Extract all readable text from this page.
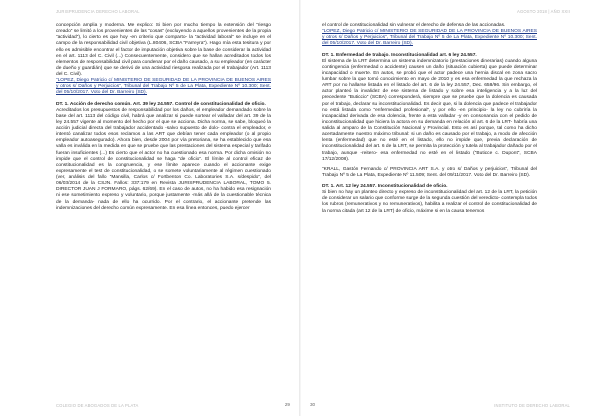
JURISPRUDENCIA DERECHO LABORAL

concepción amplia y moderna. Me explico: Si bien por mucho tiempo la extensión del “riesgo creado” se limitó a los provenientes de las “cosas” (excluyendo a aquellos provenientes de la propia “actividad”), lo cierto es que hoy -en criterio que comparto- la “actividad laboral” se incluye en el campo de la responsabilidad civil objetiva (L.80406, SCBA “Farreyra”). Hago mía esta tesitura y por ello es admisible encontrar el factor de imputación objetiva sobre la base de considerar la actividad en el art. 1113 del C. Civil (...) Consecuentemente, considero que se hallan acreditados todos los elementos de responsabilidad civil para condenar por el daño causado, a su empleador (en carácter de dueño y guardián) que se derivó de una actividad riesgosa realizada por el trabajador (Art. 1113 del C. Civil).

“LOPEZ, Diego Patricio c/ MINISTERIO DE SEGURIDAD DE LA PROVINCIA DE BUENOS AIRES y otros s/ Daños y Perjuicios”, Tribunal del Trabajo Nº 5 de La Plata, Expediente Nº 10.300; Sent. del 05/10/2017. Voto del Dr. Barreiro (SD).

DT. 1. Acción de derecho común. Art. 39 ley 24.557. Control de constitucionalidad de oficio.

Acreditados los presupuestos de responsabilidad por los daños, el empleador demandado sobre la base del art. 1113 del código civil, habrá que analizar si puede sortear el valladar del art. 39 de la ley 24.557 vigente al momento del hecho por el que se acciona. Dicha norma, se sabe, bloqueó la acción judicial directa del trabajador accidentado -salvo supuesto de dolo- contra el empleador, e intentó canalizar todos esos reclamos a las ART que debían tener cada empleador (o al propio empleador autoasegurado). Ahora bien, desde 2004 por vía pretoriana, se ha establecido que esa valla es inválida en la medida en que se pruebe que las prestaciones del sistema especial y tarifado fueran insuficientes (...) Es cierto que el actor no ha cuestionado esa norma. Por dicha omisión no impide que el control de constitucionalidad se haga “de oficio”. El límite al control eficaz de constitucionalidad es la congruencia, y ese límite aparece cuando el accionante exige expresamente el test de constitucionalidad, o se somete voluntariamente al régimen cuestionado (ver, análisis del fallo “Mansilla, Carlos c/ Fortbenton Co. Laboratories S.A. s/despido”, del 06/03/2014 de la CSJN. Fallos: 337:179 en Revista JURISPRUDENCIA LABORAL, TOMO 5. DIRECTOR JUAN J FORMARO, págs. 62/69). En el caso de autos, no ha habido esa resignación ni ese sometimiento expreso y voluntario, porque justamente -más allá de la cuestionable técnica de la demanda- nada de ello ha ocurrido. Por el contrario, el accionante pretende las indemnizaciones del derecho común expresamente. En esa línea entonces, puedo ejercer

COLEGIO DE ABOGADOS DE LA PLATA	29
AGOSTO 2018 | AÑO XXII

el control de constitucionalidad sin vulnerar el derecho de defensa de las accionadas.

“LOPEZ, Diego Patricio c/ MINISTERIO DE SEGURIDAD DE LA PROVINCIA DE BUENOS AIRES y otros s/ Daños y Perjuicios”, Tribunal del Trabajo Nº 5 de La Plata, Expediente Nº 10.300; Sent. del 05/10/2017. Voto del Dr. Barreiro (SD).

DT. 1. Enfermedad de trabajo. Inconstitucionalidad art. 6 ley 24.557.

El sistema de la LRT determina un sistema indemnizatorio (prestaciones dinerarias) cuando alguna contingencia (enfermedad o accidente) causen un daño (situación cubierta) que puede determinar incapacidad o muerte. En autos, se probó que el actor padece una hernia discal en zona sacro lumbar sobre la que tomó conocimiento en mayo de 2010 y es esa enfermedad la que rechaza la ART por no hallarse listada en el listado del art. 6 de la ley 24.557, Dec. 658/96. Sin embargo, el actor planteó la invalidez de ese sistema de listado y sobre esa inteligencia y a la luz del precedente “Buticcio” (SCBA) corresponderá, siempre que se pruebe que la dolencia es causada por el trabajo, declarar su inconstitucionalidad. Es decir que, si la dolencia que padece el trabajador no está listada como “enfermedad profesional”, y por ello -en principio- la ley no cubriría la incapacidad derivada de esa dolencia, frente a esta valladar -y en consonancia con el pedido de inconstitucionalidad que hiciera la actora en su demanda en relación al art. 6 de la LRT- habría una salida al amparo de la Constitución Nacional y Provincial. Esto es así porque, tal como ha dicho acertadamente nuestro máximo tribunal: si un daño es causado por el trabajo, a modo de afección lenta (enfermedad) que no esté en el listado, ello no impide que, previa declaración de inconstitucionalidad del art. 6 de la LRT, se permita la protección y tutela al trabajador dañado por el trabajo, aunque -reitero- esa enfermedad no esté en el listado (“Buticce c. Dupont”, SCBA 17/12/2008).

“KRALL, Gastón Fernando c/ PROVINCIA ART S.A. y otro s/ Daños y perjuicios”, Tribunal del Trabajo Nº 5 de La Plata, Expediente Nº 11.509; Sent. del 09/11/2017. Voto del Dr. Barreiro (SD).

DT. 1. Art. 12 ley 24.557. Inconstitucionalidad de oficio.

Si bien no hay un planteo directo y expreso de inconstitucionalidad del art. 12 de la LRT, la petición de considerar un salario que conforme surge de la segunda cuestión del veredicto- contempla todos los rubros (remunerativos y no remunerativos), habilita a realizar el control de constitucionalidad de la norma citada (art 12 de la LRT) de oficio, máxime si en la causa tenemos

INSTITUTO DE DERECHO LABORAL
30
